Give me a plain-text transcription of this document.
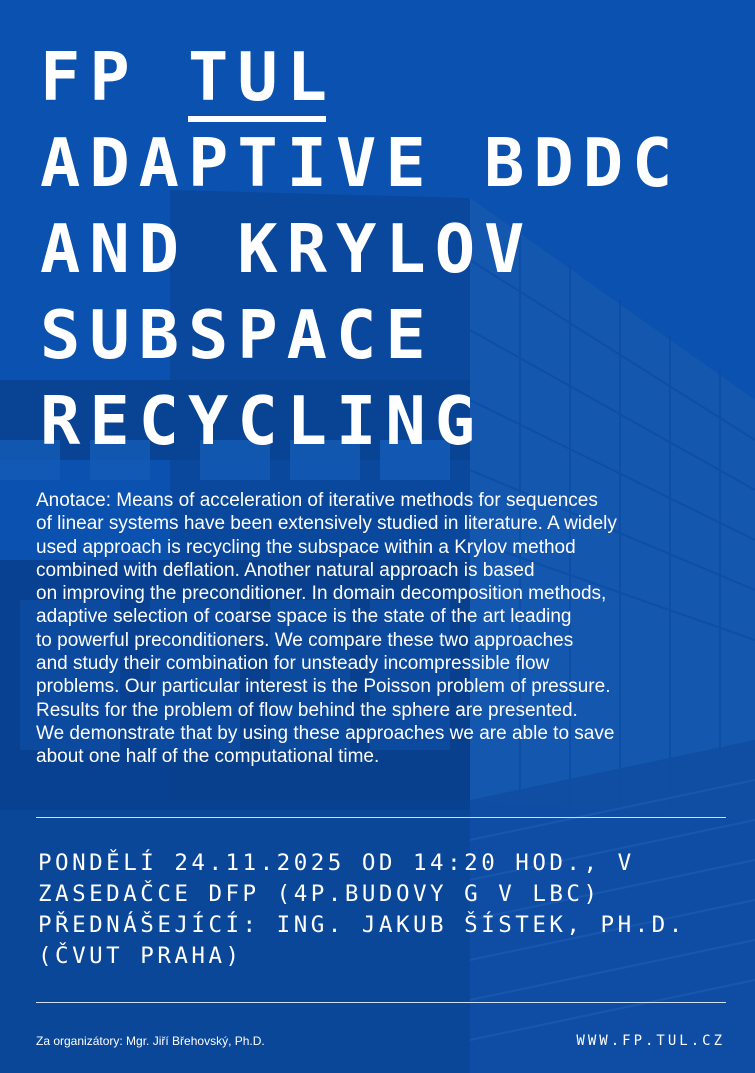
FP TUL
ADAPTIVE BDDC
AND KRYLOV
SUBSPACE
RECYCLING

Anotace: Means of acceleration of iterative methods for sequences
of linear systems have been extensively studied in literature. A widely
used approach is recycling the subspace within a Krylov method
combined with deflation. Another natural approach is based
on improving the preconditioner. In domain decomposition methods,
adaptive selection of coarse space is the state of the art leading
to powerful preconditioners. We compare these two approaches
and study their combination for unsteady incompressible flow
problems. Our particular interest is the Poisson problem of pressure.
Results for the problem of flow behind the sphere are presented.
We demonstrate that by using these approaches we are able to save
about one half of the computational time.

PONDĚLÍ 24.11.2025 OD 14:20 HOD., V
ZASEDAČCE DFP (4P.BUDOVY G V LBC)
PŘEDNÁŠEJÍCÍ: ING. JAKUB ŠÍSTEK, PH.D.
(ČVUT PRAHA)

Za organizátory: Mgr. Jiří Břehovský, Ph.D.	WWW.FP.TUL.CZ
